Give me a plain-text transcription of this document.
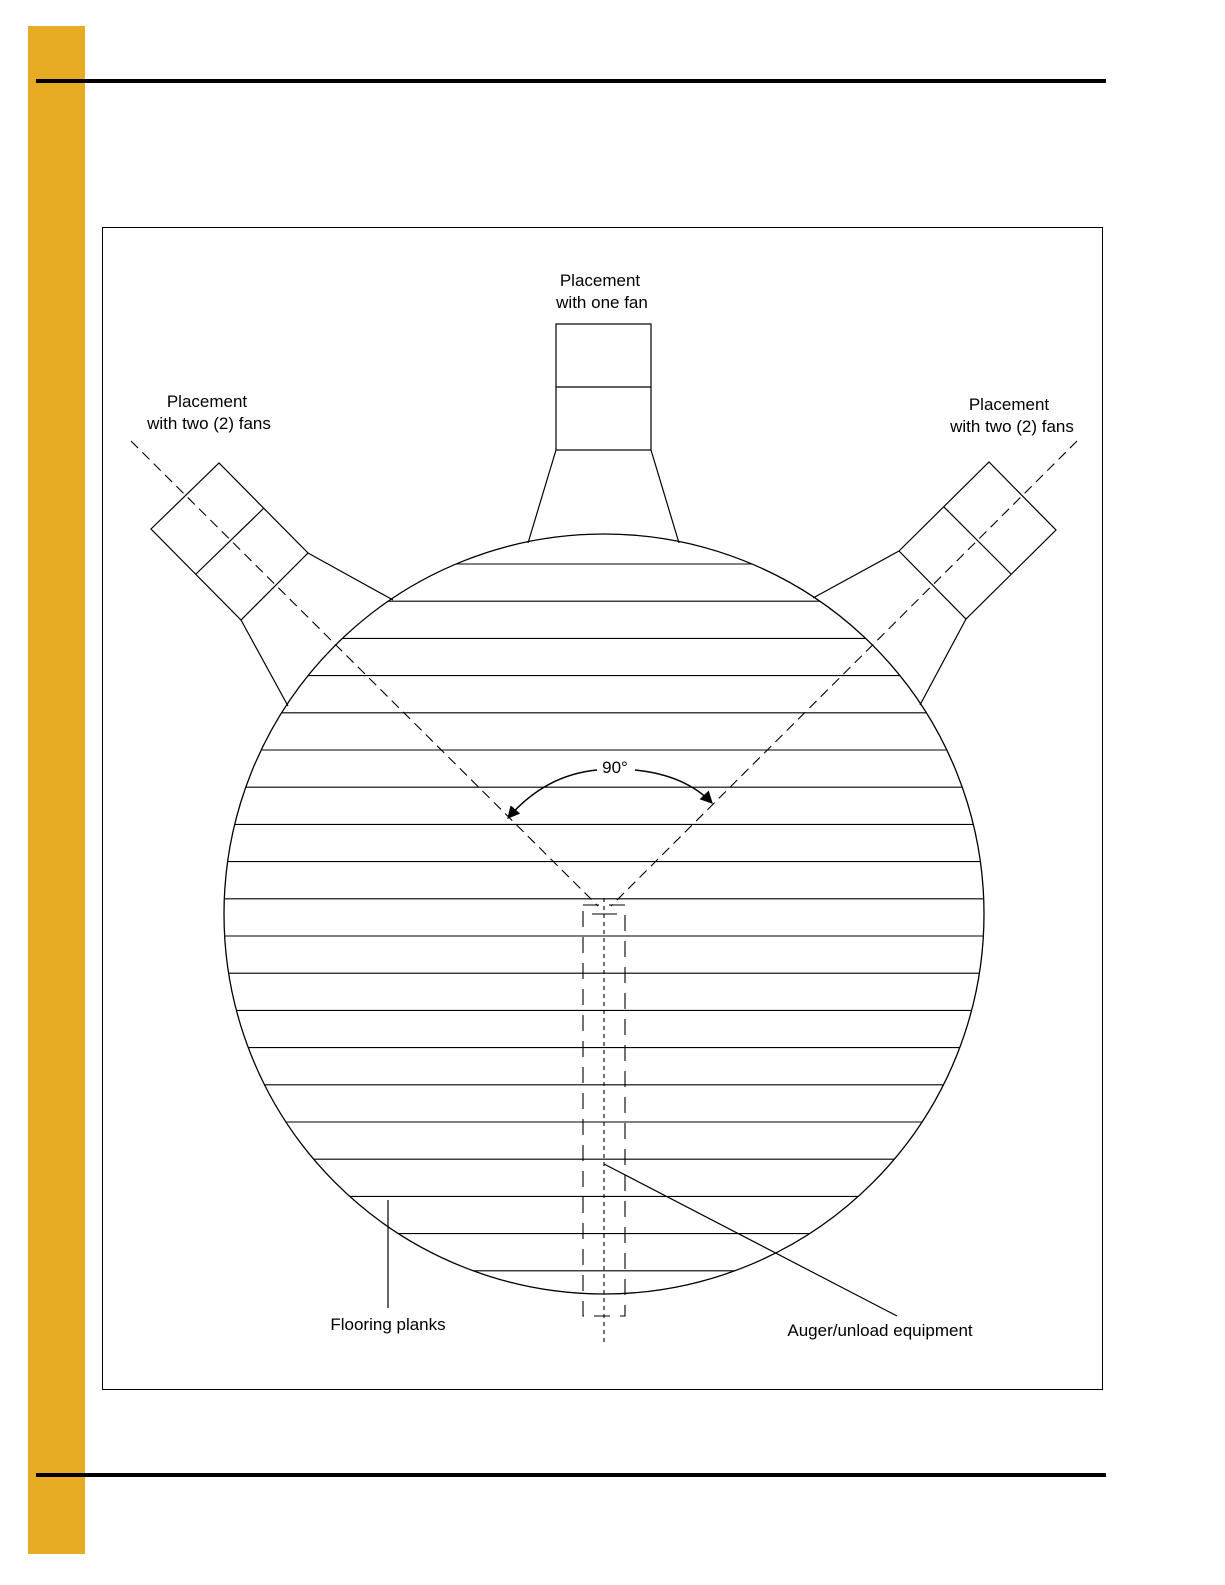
Placement
with one fan
Placement
with two (2) fans
Placement
with two (2) fans
90°
Flooring planks	Auger/unload equipment
